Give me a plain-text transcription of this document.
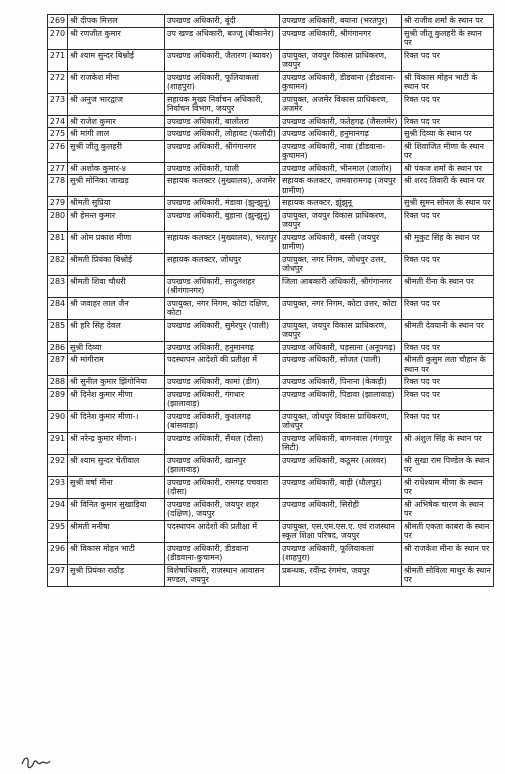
269	श्री दीपक मित्तल	उपखण्ड अधिकारी, बूंदी	उपखण्ड अधिकारी, बयाना (भरतपुर)	श्री राजीव शर्मा के स्थान पर
270	श्री रणजीत कुमार	उप खण्ड अधिकारी, बज्जू (बीकानेर)	उपखण्ड अधिकारी, श्रीगंगानगर	सुश्री जीतू कुलहरी के स्थान पर
271	श्री श्याम सुन्दर बिश्नोई	उपखण्ड अधिकारी, जैतारण (ब्यावर)	उपायुक्त, जयपुर विकास प्राधिकरण, जयपुर	रिक्त पद पर
272	श्री राजकेश मीना	उपखण्ड अधिकारी, फूलियाकलां (शाहपुरा)	उपखण्ड अधिकारी, डीडवाना (डीडवाना-कुचामन)	श्री विकास मोहन भाटी के स्थान पर
273	श्री अनुज भारद्वाज	सहायक मुख्य निर्वाचन अधिकारी, निर्वाचन विभाग, जयपुर	उपायुक्त, अजमेर विकास प्राधिकरण, अजमेर	रिक्त पद पर
274	श्री राजेश कुमार	उपखण्ड अधिकारी, बालोतरा	उपखण्ड अधिकारी, फतेहगढ़ (जैसलमेर)	रिक्त पद पर
275	श्री मांगी लाल	उपखण्ड अधिकारी, लोहावट (फलौदी)	उपखण्ड अधिकारी, हनुमानगढ़	सुश्री दिव्या के स्थान पर
276	सुश्री जीतू कुलहरी	उपखण्ड अधिकारी, श्रीगंगानगर	उपखण्ड अधिकारी, नावा (डीडवाना-कुचामन)	श्री शिवाजित मीणा के स्थान पर
277	श्री अशोक कुमार-४	उपखण्ड अधिकारी, पाली	उपखण्ड अधिकारी, भीनमाल (जालोर)	श्री पंकज शर्मा के स्थान पर
278	सुश्री मोनिका जाखड़	सहायक कलक्टर (मुख्यालय), अजमेर	सहायक कलक्टर, जमवारामगढ़ (जयपुर ग्रामीण)	श्री शरद तिवारी के स्थान पर
279	श्रीमती सुप्रिया	उपखण्ड अधिकारी, मंडावा (झुन्झुनू)	सहायक कलक्टर, झुंझुनू	सुश्री सुमन सोनल के स्थान पर
280	श्री हेमन्त कुमार	उपखण्ड अधिकारी, बुहाना (झुन्झुनू)	उपायुक्त, जयपुर विकास प्राधिकरण, जयपुर	रिक्त पद पर
281	श्री ओम प्रकाश मीणा	सहायक कलक्टर (मुख्यालय), भरतपुर	उपखण्ड अधिकारी, बस्सी (जयपुर ग्रामीण)	श्री मुकुट सिंह के स्थान पर
282	श्रीमती प्रियंका बिश्नोई	सहायक कलक्टर, जोधपुर	उपायुक्त, नगर निगम, जोधपुर उत्तर, जोधपुर	रिक्त पद पर
283	श्रीमती शिवा चौधरी	उपखण्ड अधिकारी, सादुलशहर (श्रीगंगानगर)	जिला आबकारी अधिकारी, श्रीगंगानगर	श्रीमती रीना के स्थान पर
284	श्री जवाहर लाल जैन	उपायुक्त, नगर निगम, कोटा दक्षिण, कोटा	उपायुक्त, नगर निगम, कोटा उत्तर, कोटा	रिक्त पद पर
285	श्री हरि सिंह देवल	उपखण्ड अधिकारी, सुमेरपुर (पाली)	उपायुक्त, जयपुर विकास प्राधिकरण, जयपुर	श्रीमती देवयानी के स्थान पर
286	सुश्री दिव्या	उपखण्ड अधिकारी, हनुमानगढ़	उपखण्ड अधिकारी, घड़साना (अनूपगढ़)	रिक्त पद पर
287	श्री मांगीराम	पदस्थापन आदेशों की प्रतीक्षा में	उपखण्ड अधिकारी, सोजत (पाली)	श्रीमती कुसुम लता चौहान के स्थान पर
288	श्री सुनील कुमार झिंगोनिया	उपखण्ड अधिकारी, कामां (डीग)	उपखण्ड अधिकारी, पिनाना (केकड़ी)	रिक्त पद पर
289	श्री दिनेश कुमार मीणा	उपखण्ड अधिकारी, गंगधार (झालावाड़)	उपखण्ड अधिकारी, पिडावा (झालावाड़)	रिक्त पद पर
290	श्री दिनेश कुमार मीणा-।	उपखण्ड अधिकारी, कुशलगढ़ (बांसवाड़ा)	उपायुक्त, जोधपुर विकास प्राधिकरण, जोधपुर	रिक्त पद पर
291	श्री नरेन्द्र कुमार मीणा-।	उपखण्ड अधिकारी, सैंथल (दौसा)	उपखण्ड अधिकारी, बागनवास (गंगापुर सिटी)	श्री अंशुल सिंह के स्थान पर
292	श्री श्याम सुन्दर चेतीवाल	उपखण्ड अधिकारी, खानपुर (झालावाड़)	उपखण्ड अधिकारी, कठूमर (अलवर)	श्री सुखा राम पिण्डेल के स्थान पर
293	सुश्री वर्षा मीना	उपखण्ड अधिकारी, रामगढ़ पचवारा (दौसा)	उपखण्ड अधिकारी, बाड़ी (धौलपुर)	श्री राधेश्याम मीणा के स्थान पर
294	श्री विनित कुमार सुखाड़िया	उपखण्ड अधिकारी, जयपुर शहर (दक्षिण), जयपुर	उपखण्ड अधिकारी, सिरोही	श्री अभिषेक चारण के स्थान पर
295	श्रीमती मनीषा	पदस्थापन आदेशों की प्रतीक्षा में	उपायुक्त, एस.एम.एस.ए. एवं राजस्थान स्कूल शिक्षा परिषद, जयपुर	श्रीमती एकता काबरा के स्थान पर
296	श्री विकास मोहन भाटी	उपखण्ड अधिकारी, डीडवाना (डीडवाना-कुचामन)	उपखण्ड अधिकारी, फूलियाकलां (शाहपुरा)	श्री राजकेश मीना के स्थान पर
297	सुश्री प्रियंका राठौड़	विशेषाधिकारी, राजस्थान आवासन मण्डल, जयपुर	प्रबन्धक, रवीन्द्र रंगमंच, जयपुर	श्रीमती सोविला माथुर के स्थान पर
